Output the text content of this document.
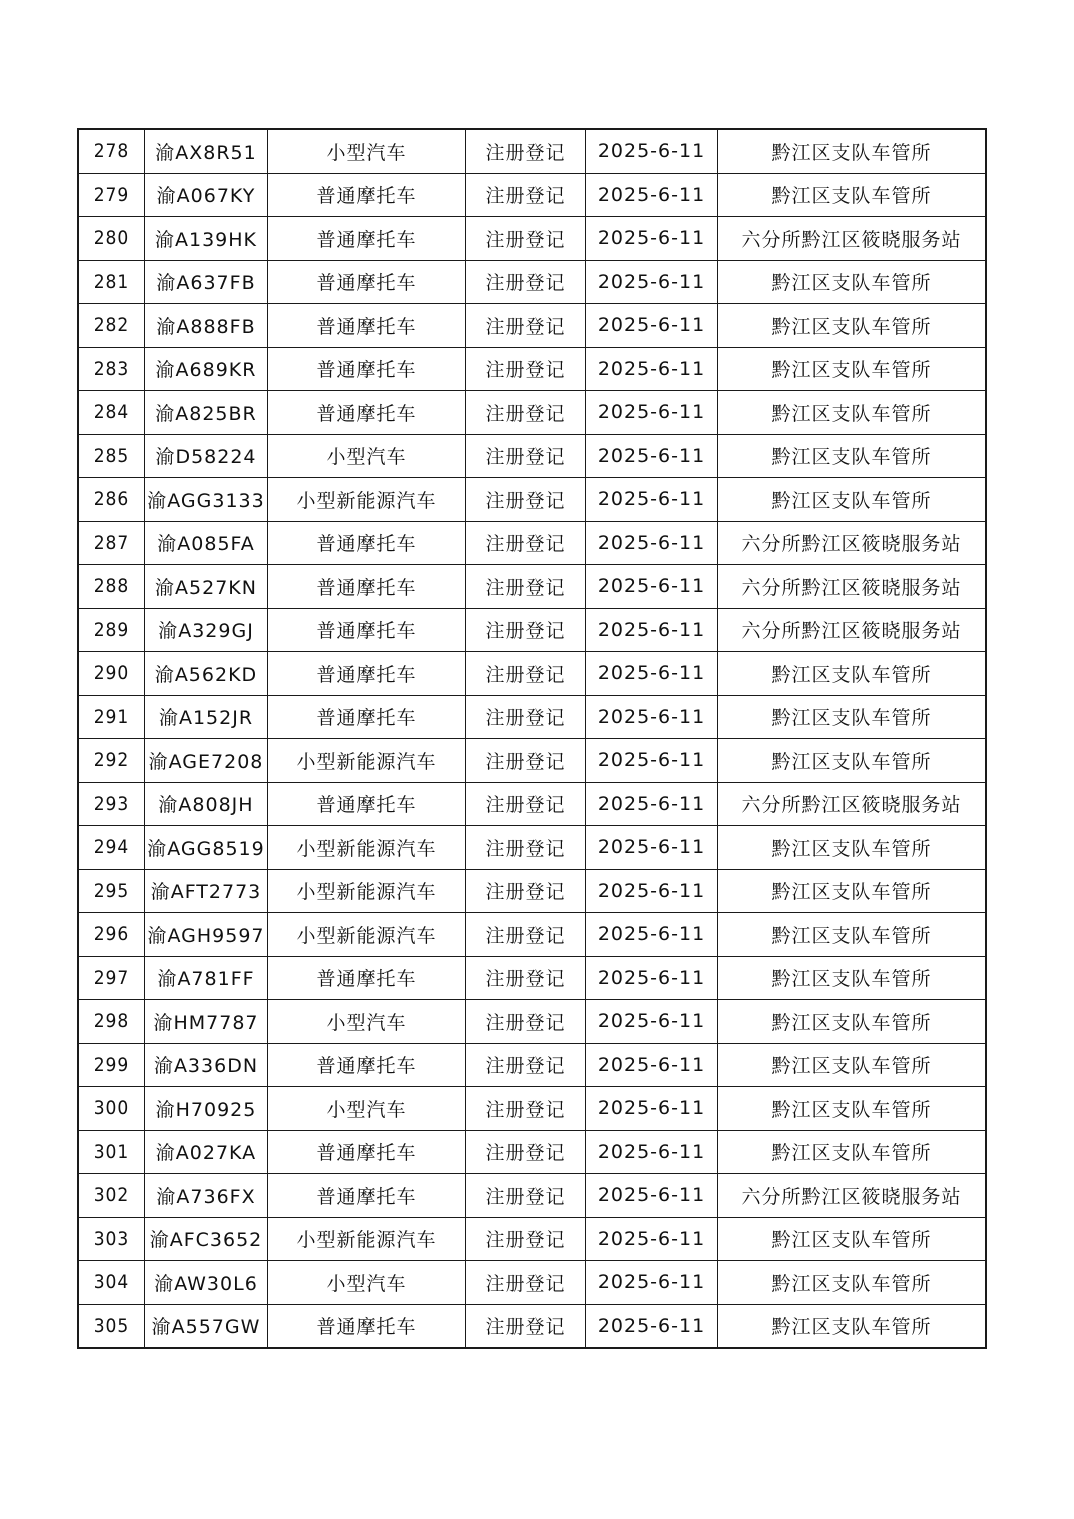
278	渝AX8R51	小型汽车	注册登记	2025-6-11	黔江区支队车管所
279	渝A067KY	普通摩托车	注册登记	2025-6-11	黔江区支队车管所
280	渝A139HK	普通摩托车	注册登记	2025-6-11	六分所黔江区筱晓服务站
281	渝A637FB	普通摩托车	注册登记	2025-6-11	黔江区支队车管所
282	渝A888FB	普通摩托车	注册登记	2025-6-11	黔江区支队车管所
283	渝A689KR	普通摩托车	注册登记	2025-6-11	黔江区支队车管所
284	渝A825BR	普通摩托车	注册登记	2025-6-11	黔江区支队车管所
285	渝D58224	小型汽车	注册登记	2025-6-11	黔江区支队车管所
286	渝AGG3133	小型新能源汽车	注册登记	2025-6-11	黔江区支队车管所
287	渝A085FA	普通摩托车	注册登记	2025-6-11	六分所黔江区筱晓服务站
288	渝A527KN	普通摩托车	注册登记	2025-6-11	六分所黔江区筱晓服务站
289	渝A329GJ	普通摩托车	注册登记	2025-6-11	六分所黔江区筱晓服务站
290	渝A562KD	普通摩托车	注册登记	2025-6-11	黔江区支队车管所
291	渝A152JR	普通摩托车	注册登记	2025-6-11	黔江区支队车管所
292	渝AGE7208	小型新能源汽车	注册登记	2025-6-11	黔江区支队车管所
293	渝A808JH	普通摩托车	注册登记	2025-6-11	六分所黔江区筱晓服务站
294	渝AGG8519	小型新能源汽车	注册登记	2025-6-11	黔江区支队车管所
295	渝AFT2773	小型新能源汽车	注册登记	2025-6-11	黔江区支队车管所
296	渝AGH9597	小型新能源汽车	注册登记	2025-6-11	黔江区支队车管所
297	渝A781FF	普通摩托车	注册登记	2025-6-11	黔江区支队车管所
298	渝HM7787	小型汽车	注册登记	2025-6-11	黔江区支队车管所
299	渝A336DN	普通摩托车	注册登记	2025-6-11	黔江区支队车管所
300	渝H70925	小型汽车	注册登记	2025-6-11	黔江区支队车管所
301	渝A027KA	普通摩托车	注册登记	2025-6-11	黔江区支队车管所
302	渝A736FX	普通摩托车	注册登记	2025-6-11	六分所黔江区筱晓服务站
303	渝AFC3652	小型新能源汽车	注册登记	2025-6-11	黔江区支队车管所
304	渝AW30L6	小型汽车	注册登记	2025-6-11	黔江区支队车管所
305	渝A557GW	普通摩托车	注册登记	2025-6-11	黔江区支队车管所
